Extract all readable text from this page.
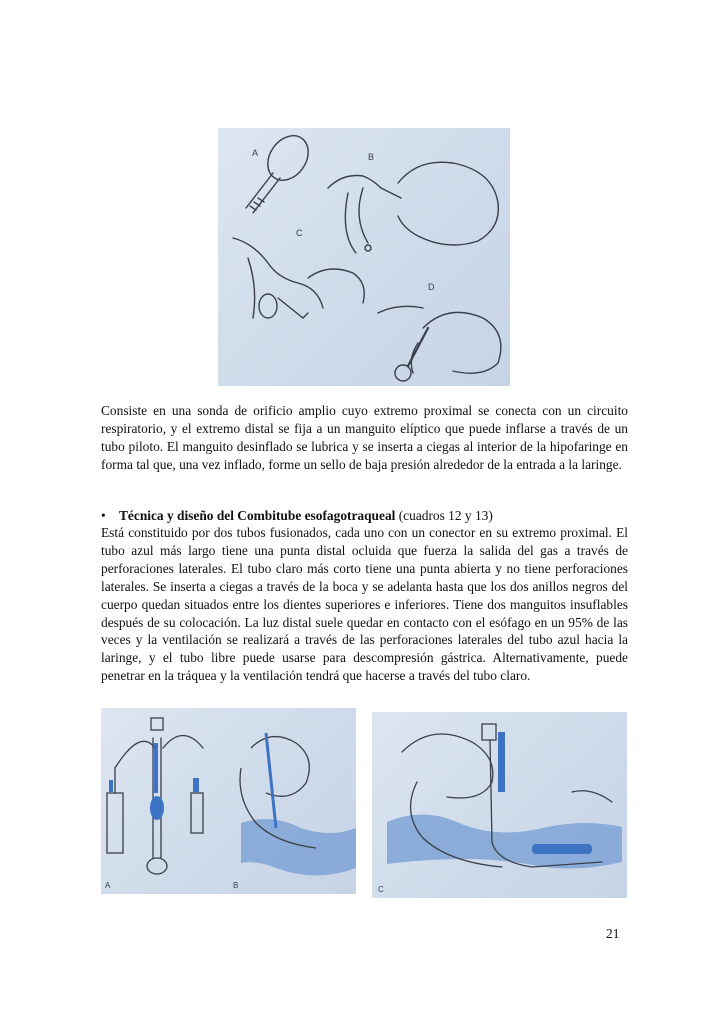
A	B
C
D

Consiste en una sonda de orificio amplio cuyo extremo proximal se conecta con un circuito respiratorio, y el extremo distal se fija a un manguito elíptico que puede inflarse a través de un tubo piloto. El manguito desinflado se lubrica y se inserta a ciegas al interior de la hipofaringe en forma tal que, una vez inflado, forme un sello de baja presión alrededor de la entrada a la laringe.

• Técnica y diseño del Combitube esofagotraqueal (cuadros 12 y 13)

Está constituido por dos tubos fusionados, cada uno con un conector en su extremo proximal. El tubo azul más largo tiene una punta distal ocluida que fuerza la salida del gas a través de perforaciones laterales. El tubo claro más corto tiene una punta abierta y no tiene perforaciones laterales. Se inserta a ciegas a través de la boca y se adelanta hasta que los dos anillos negros del cuerpo quedan situados entre los dientes superiores e inferiores. Tiene dos manguitos insuflables después de su colocación. La luz distal suele quedar en contacto con el esófago en un 95% de las veces y la ventilación se realizará a través de las perforaciones laterales del tubo azul hacia la laringe, y el tubo libre puede usarse para descompresión gástrica. Alternativamente, puede penetrar en la tráquea y la ventilación tendrá que hacerse a través del tubo claro.

A	B	C
21
